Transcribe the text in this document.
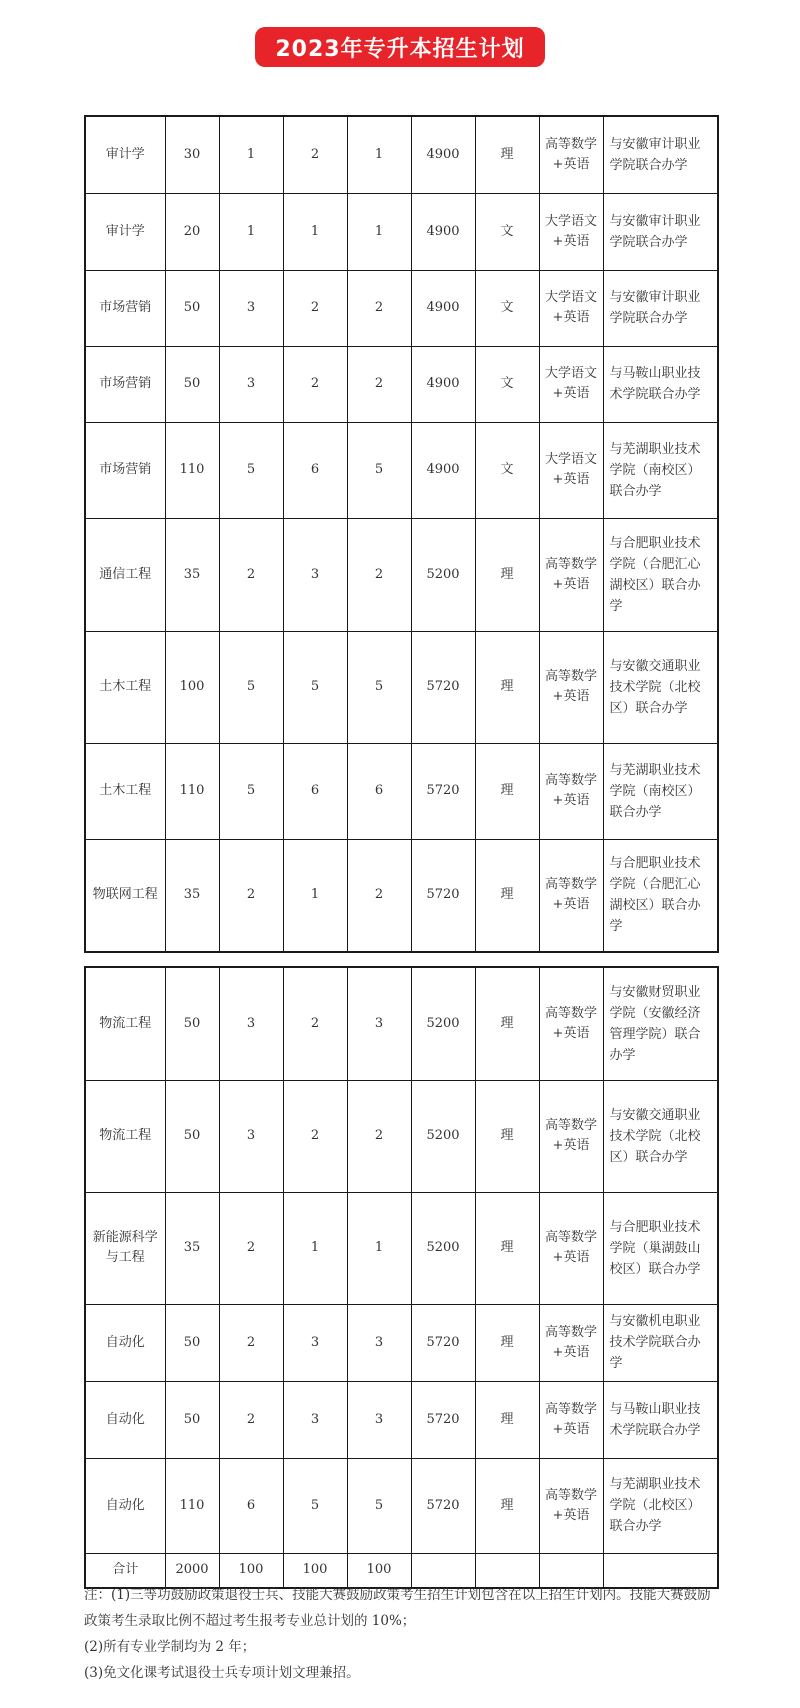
2023年专升本招生计划
审计学	30	1	2	1	4900	理	高等数学+英语	与安徽审计职业学院联合办学
审计学	20	1	1	1	4900	文	大学语文+英语	与安徽审计职业学院联合办学
市场营销	50	3	2	2	4900	文	大学语文+英语	与安徽审计职业学院联合办学
市场营销	50	3	2	2	4900	文	大学语文+英语	与马鞍山职业技术学院联合办学
市场营销	110	5	6	5	4900	文	大学语文+英语	与芜湖职业技术学院（南校区）联合办学
通信工程	35	2	3	2	5200	理	高等数学+英语	与合肥职业技术学院（合肥汇心湖校区）联合办学
土木工程	100	5	5	5	5720	理	高等数学+英语	与安徽交通职业技术学院（北校区）联合办学
土木工程	110	5	6	6	5720	理	高等数学+英语	与芜湖职业技术学院（南校区）联合办学
物联网工程	35	2	1	2	5720	理	高等数学+英语	与合肥职业技术学院（合肥汇心湖校区）联合办学
物流工程	50	3	2	3	5200	理	高等数学+英语	与安徽财贸职业学院（安徽经济管理学院）联合办学
物流工程	50	3	2	2	5200	理	高等数学+英语	与安徽交通职业技术学院（北校区）联合办学
新能源科学与工程	35	2	1	1	5200	理	高等数学+英语	与合肥职业技术学院（巢湖鼓山校区）联合办学
自动化	50	2	3	3	5720	理	高等数学+英语	与安徽机电职业技术学院联合办学
自动化	50	2	3	3	5720	理	高等数学+英语	与马鞍山职业技术学院联合办学
自动化	110	6	5	5	5720	理	高等数学+英语	与芜湖职业技术学院（北校区）联合办学
合计	2000	100	100	100				

注：(1)三等功鼓励政策退役士兵、技能大赛鼓励政策考生招生计划包含在以上招生计划内。技能大赛鼓励政策考生录取比例不超过考生报考专业总计划的 10%；

(2)所有专业学制均为 2 年；

(3)免文化课考试退役士兵专项计划文理兼招。
